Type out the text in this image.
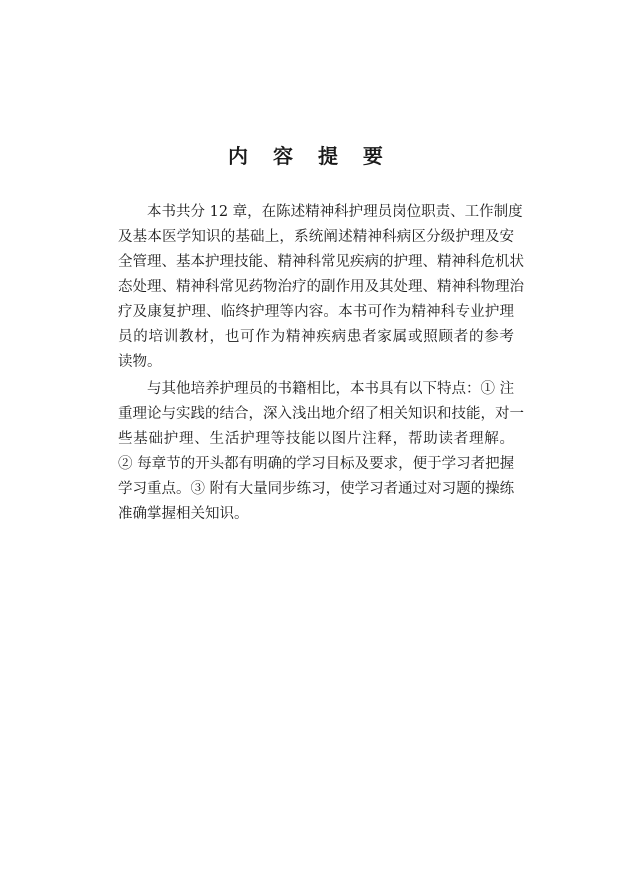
内 容 提 要
本书共分 12 章，在陈述精神科护理员岗位职责、工作制度
及基本医学知识的基础上，系统阐述精神科病区分级护理及安
全管理、基本护理技能、精神科常见疾病的护理、精神科危机状
态处理、精神科常见药物治疗的副作用及其处理、精神科物理治
疗及康复护理、临终护理等内容。本书可作为精神科专业护理
员的培训教材，也可作为精神疾病患者家属或照顾者的参考
读物。
与其他培养护理员的书籍相比，本书具有以下特点：① 注
重理论与实践的结合，深入浅出地介绍了相关知识和技能，对一
些基础护理、生活护理等技能以图片注释，帮助读者理解。
② 每章节的开头都有明确的学习目标及要求，便于学习者把握
学习重点。③ 附有大量同步练习，使学习者通过对习题的操练
准确掌握相关知识。
